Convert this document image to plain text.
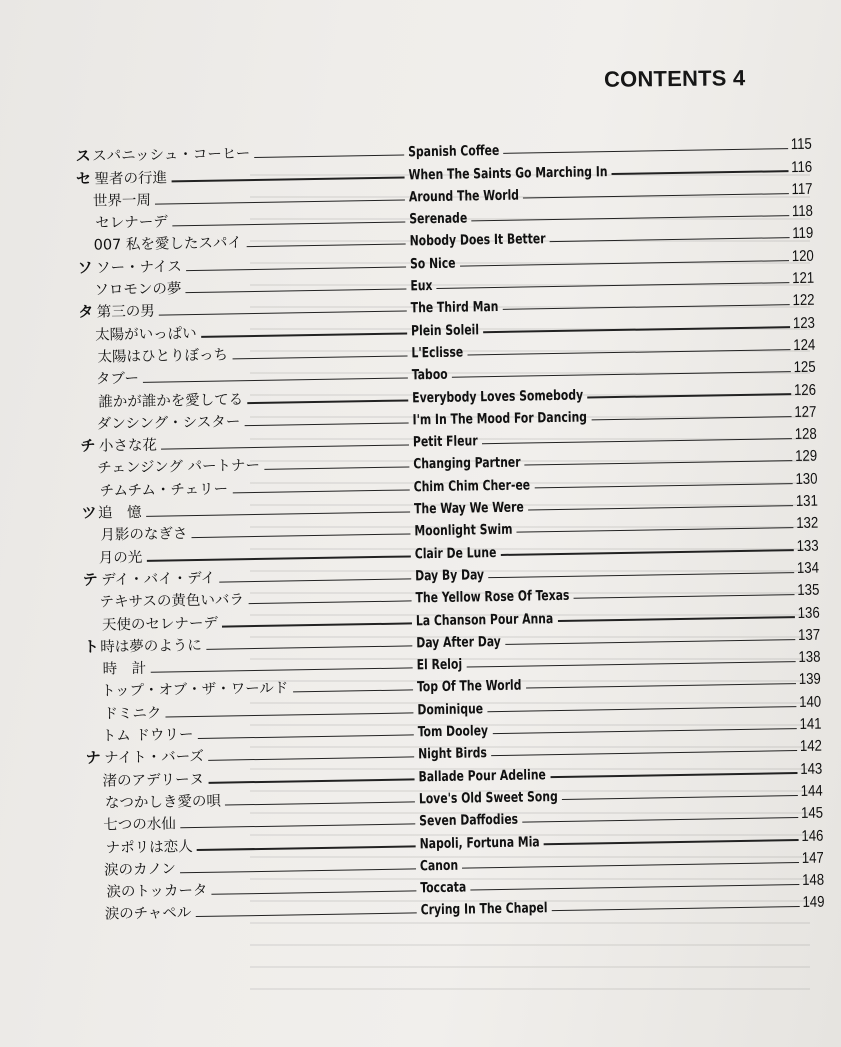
CONTENTS 4
ス スパニッシュ・コーヒー	Spanish Coffee	115
セ 聖者の行進	When The Saints Go Marching In	116
世界一周	Around The World	117
セレナーデ	Serenade	118
007 私を愛したスパイ	Nobody Does It Better	119
ソ ソー・ナイス	So Nice	120
ソロモンの夢	Eux	121
タ 第三の男	The Third Man	122
太陽がいっぱい	Plein Soleil	123
太陽はひとりぼっち	L'Eclisse	124
タブー	Taboo	125
誰かが誰かを愛してる	Everybody Loves Somebody	126
ダンシング・シスター	I'm In The Mood For Dancing	127
チ 小さな花	Petit Fleur	128
チェンジング パートナー	Changing Partner	129
チムチム・チェリー	Chim Chim Cher-ee	130
ツ 追　憶	The Way We Were	131
月影のなぎさ	Moonlight Swim	132
月の光	Clair De Lune	133
テ デイ・バイ・デイ	Day By Day	134
テキサスの黄色いバラ	The Yellow Rose Of Texas	135
天使のセレナーデ	La Chanson Pour Anna	136
ト 時は夢のように	Day After Day	137
時　計	El Reloj	138
トップ・オブ・ザ・ワールド	Top Of The World	139
ドミニク	Dominique	140
トム ドウリー	Tom Dooley	141
ナ ナイト・バーズ	Night Birds	142
渚のアデリーヌ	Ballade Pour Adeline	143
なつかしき愛の唄	Love's Old Sweet Song	144
七つの水仙	Seven Daffodies	145
ナポリは恋人	Napoli, Fortuna Mia	146
涙のカノン	Canon	147
涙のトッカータ	Toccata	148
涙のチャペル	Crying In The Chapel	149
